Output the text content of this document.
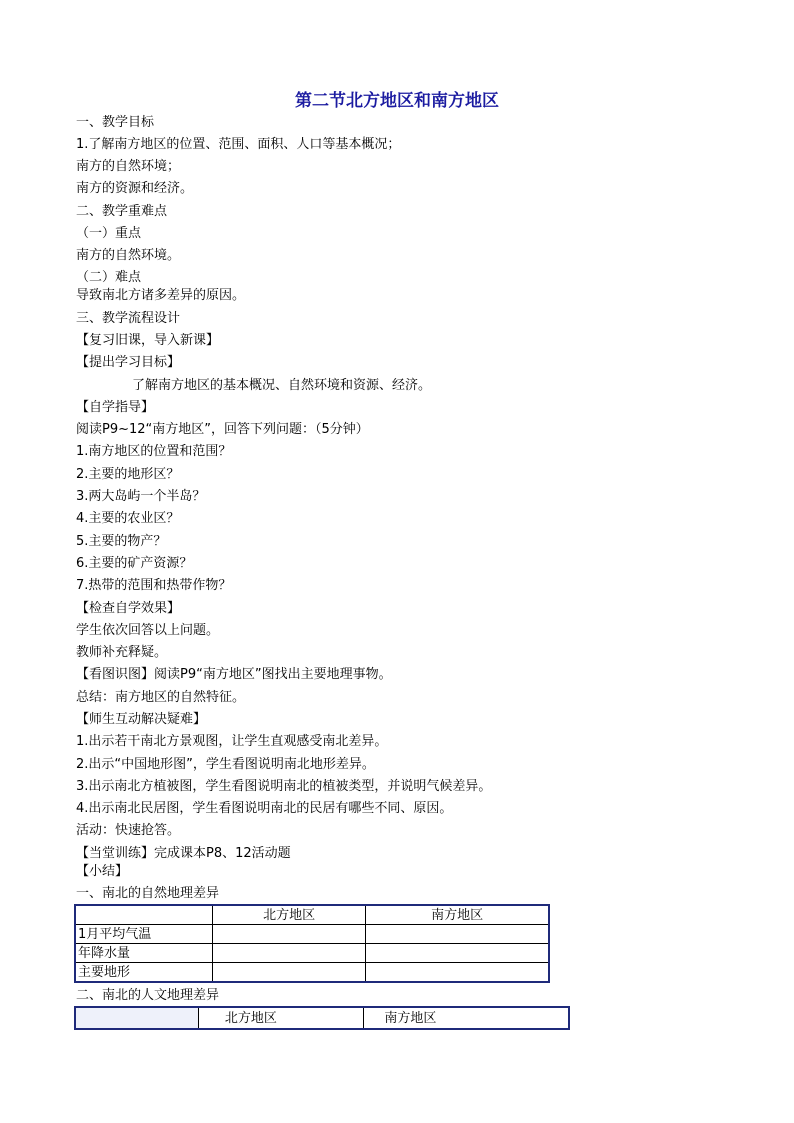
第二节北方地区和南方地区
一、教学目标
1.了解南方地区的位置、范围、面积、人口等基本概况；
南方的自然环境；
南方的资源和经济。
二、教学重难点
（一）重点
南方的自然环境。
（二）难点
导致南北方诸多差异的原因。
三、教学流程设计
【复习旧课，导入新课】
【提出学习目标】
了解南方地区的基本概况、自然环境和资源、经济。
【自学指导】
阅读P9~12“南方地区”，回答下列问题：（5分钟）
1.南方地区的位置和范围？
2.主要的地形区？
3.两大岛屿一个半岛？
4.主要的农业区？
5.主要的物产？
6.主要的矿产资源？
7.热带的范围和热带作物？
【检查自学效果】
学生依次回答以上问题。
教师补充释疑。
【看图识图】阅读P9“南方地区”图找出主要地理事物。
总结：南方地区的自然特征。
【师生互动解决疑难】
1.出示若干南北方景观图，让学生直观感受南北差异。
2.出示“中国地形图”，学生看图说明南北地形差异。
3.出示南北方植被图，学生看图说明南北的植被类型，并说明气候差异。
4.出示南北民居图，学生看图说明南北的民居有哪些不同、原因。
活动：快速抢答。
【当堂训练】完成课本P8、12活动题
【小结】
一、南北的自然地理差异
	北方地区	南方地区
1月平均气温		
年降水量		
主要地形		
二、南北的人文地理差异
	北方地区	南方地区
